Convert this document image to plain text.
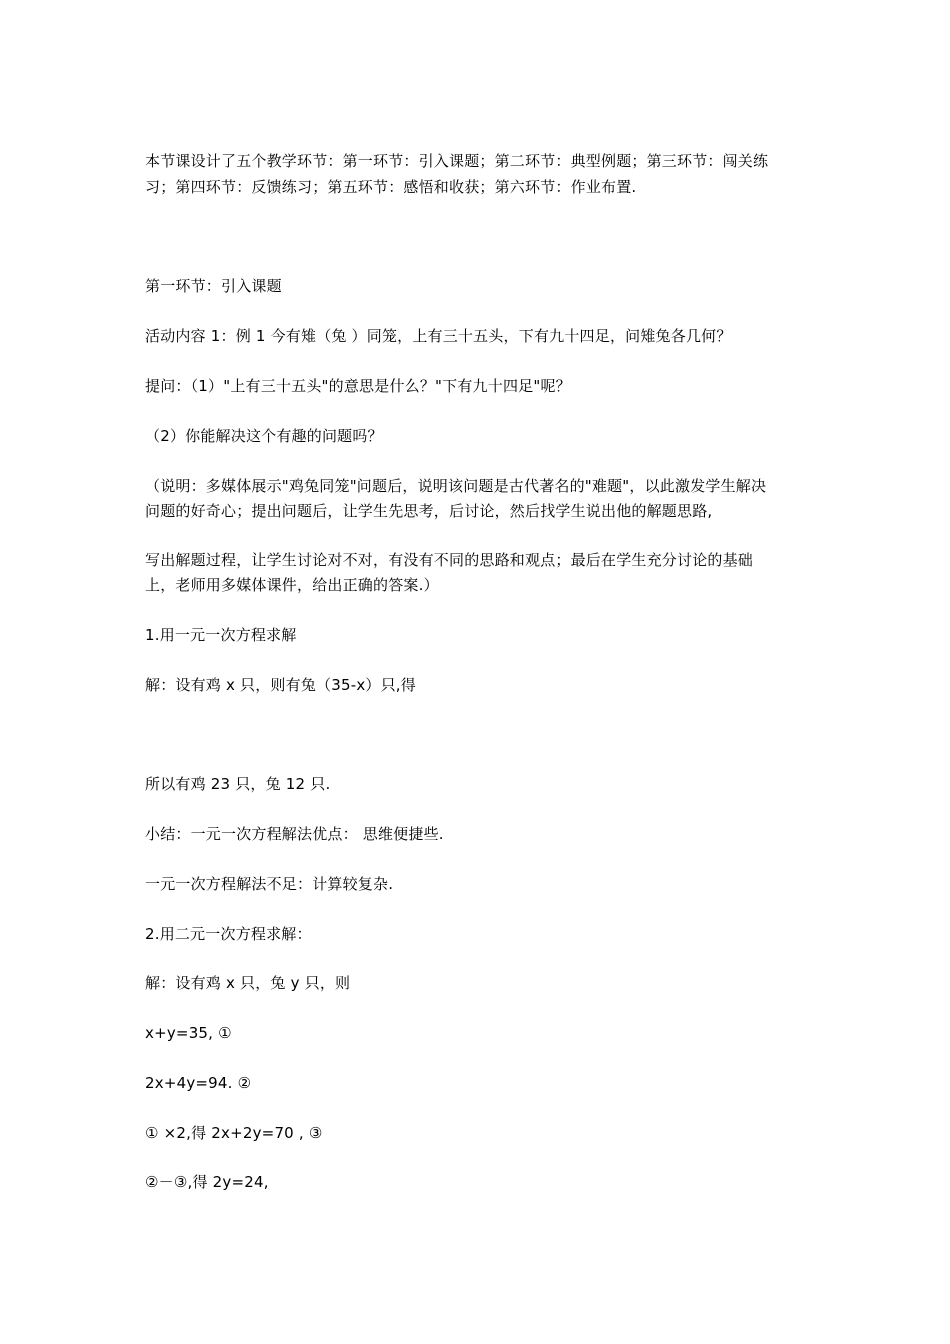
本节课设计了五个教学环节：第一环节：引入课题；第二环节：典型例题；第三环节：闯关练
习；第四环节：反馈练习；第五环节：感悟和收获；第六环节：作业布置.
第一环节：引入课题
活动内容 1：例 1 今有雉（兔 ）同笼，上有三十五头，下有九十四足，问雉兔各几何？
提问：（1）"上有三十五头"的意思是什么？"下有九十四足"呢？
（2）你能解决这个有趣的问题吗？
（说明：多媒体展示"鸡兔同笼"问题后，说明该问题是古代著名的"难题"，以此激发学生解决
问题的好奇心；提出问题后，让学生先思考，后讨论，然后找学生说出他的解题思路,
写出解题过程，让学生讨论对不对，有没有不同的思路和观点；最后在学生充分讨论的基础
上，老师用多媒体课件，给出正确的答案.）
1.用一元一次方程求解
解：设有鸡 x 只，则有兔（35-x）只,得
所以有鸡 23 只，兔 12 只.
小结：一元一次方程解法优点： 思维便捷些.
一元一次方程解法不足：计算较复杂.
2.用二元一次方程求解：
解：设有鸡 x 只，兔 y 只，则
x+y=35, ①
2x+4y=94. ②
① ×2,得 2x+2y=70 , ③
②－③,得 2y=24,
